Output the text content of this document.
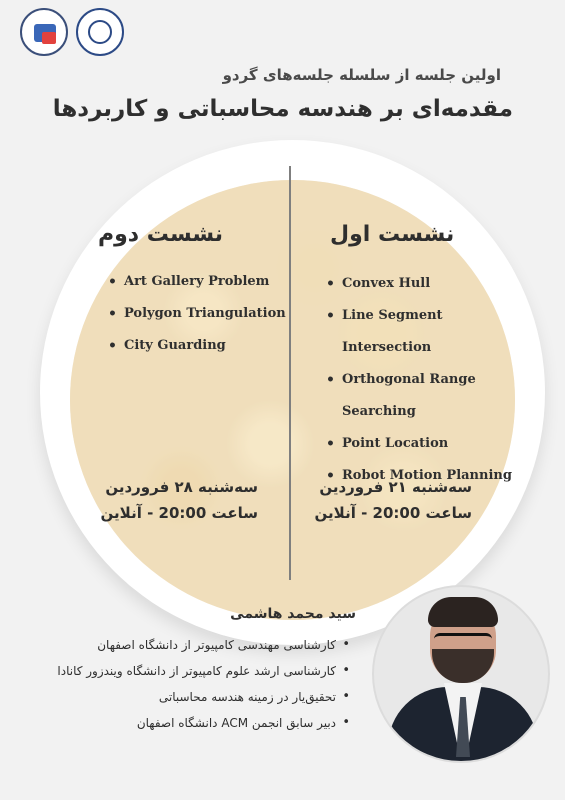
اولین جلسه از سلسله جلسه‌های گردو
مقدمه‌ای بر هندسه محاسباتی و کاربردها
نشست اول
نشست دوم
• Convex Hull
• Line Segment Intersection
• Orthogonal Range Searching
• Point Location
• Robot Motion Planning
• Art Gallery Problem
• Polygon Triangulation
• City Guarding
سه‌شنبه ۲۱ فروردین
ساعت 20:00 - آنلاین
سه‌شنبه ۲۸ فروردین
ساعت 20:00 - آنلاین
سید محمد هاشمی
• کارشناسی مهندسی کامپیوتر از دانشگاه اصفهان
• کارشناسی ارشد علوم کامپیوتر از دانشگاه ویندزور کانادا
• تحقیق‌یار در زمینه هندسه محاسباتی
• دبیر سابق انجمن ACM دانشگاه اصفهان
